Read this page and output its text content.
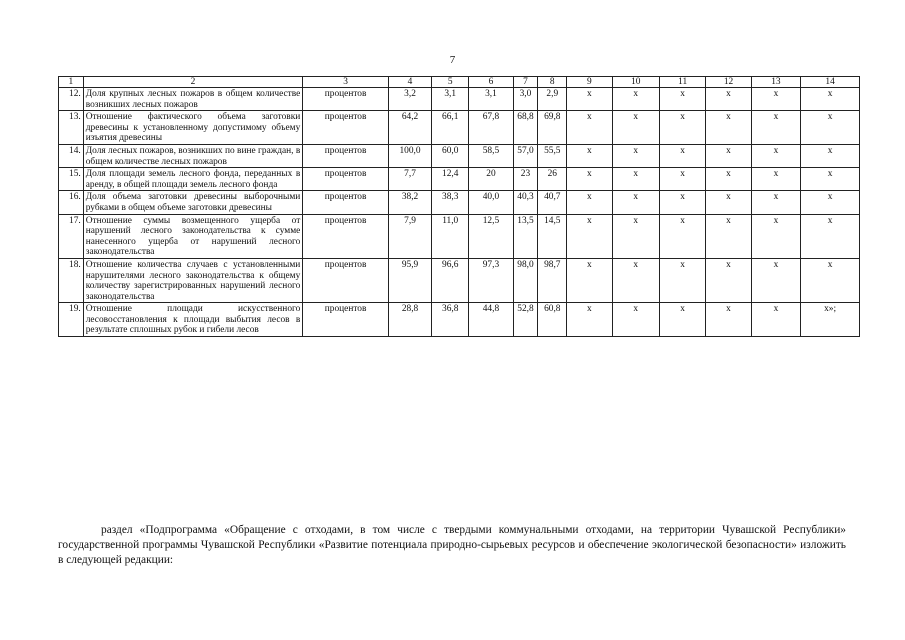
7
1	2	3	4	5	6	7	8	9	10	11	12	13	14
12.	Доля крупных лесных пожаров в общем количестве возникших лесных пожаров	процентов	3,2	3,1	3,1	3,0	2,9	x	x	x	x	x	x
13.	Отношение фактического объема заготовки древесины к установленному допустимому объему изъятия древесины	процентов	64,2	66,1	67,8	68,8	69,8	x	x	x	x	x	x
14.	Доля лесных пожаров, возникших по вине граждан, в общем количестве лесных пожаров	процентов	100,0	60,0	58,5	57,0	55,5	x	x	x	x	x	x
15.	Доля площади земель лесного фонда, переданных в аренду, в общей площади земель лесного фонда	процентов	7,7	12,4	20	23	26	x	x	x	x	x	x
16.	Доля объема заготовки древесины выборочными рубками в общем объеме заготовки древесины	процентов	38,2	38,3	40,0	40,3	40,7	x	x	x	x	x	x
17.	Отношение суммы возмещенного ущерба от нарушений лесного законодательства к сумме нанесенного ущерба от нарушений лесного законодательства	процентов	7,9	11,0	12,5	13,5	14,5	x	x	x	x	x	x
18.	Отношение количества случаев с установленными нарушителями лесного законодательства к общему количеству зарегистрированных нарушений лесного законодательства	процентов	95,9	96,6	97,3	98,0	98,7	x	x	x	x	x	x
19.	Отношение площади искусственного лесовосстановления к площади выбытия лесов в результате сплошных рубок и гибели лесов	процентов	28,8	36,8	44,8	52,8	60,8	x	x	x	x	x	x»;

раздел «Подпрограмма «Обращение с отходами, в том числе с твердыми коммунальными отходами, на территории Чувашской Республики» государственной программы Чувашской Республики «Развитие потенциала природно-сырьевых ресурсов и обеспечение экологической безопасности» изложить в следующей редакции:
